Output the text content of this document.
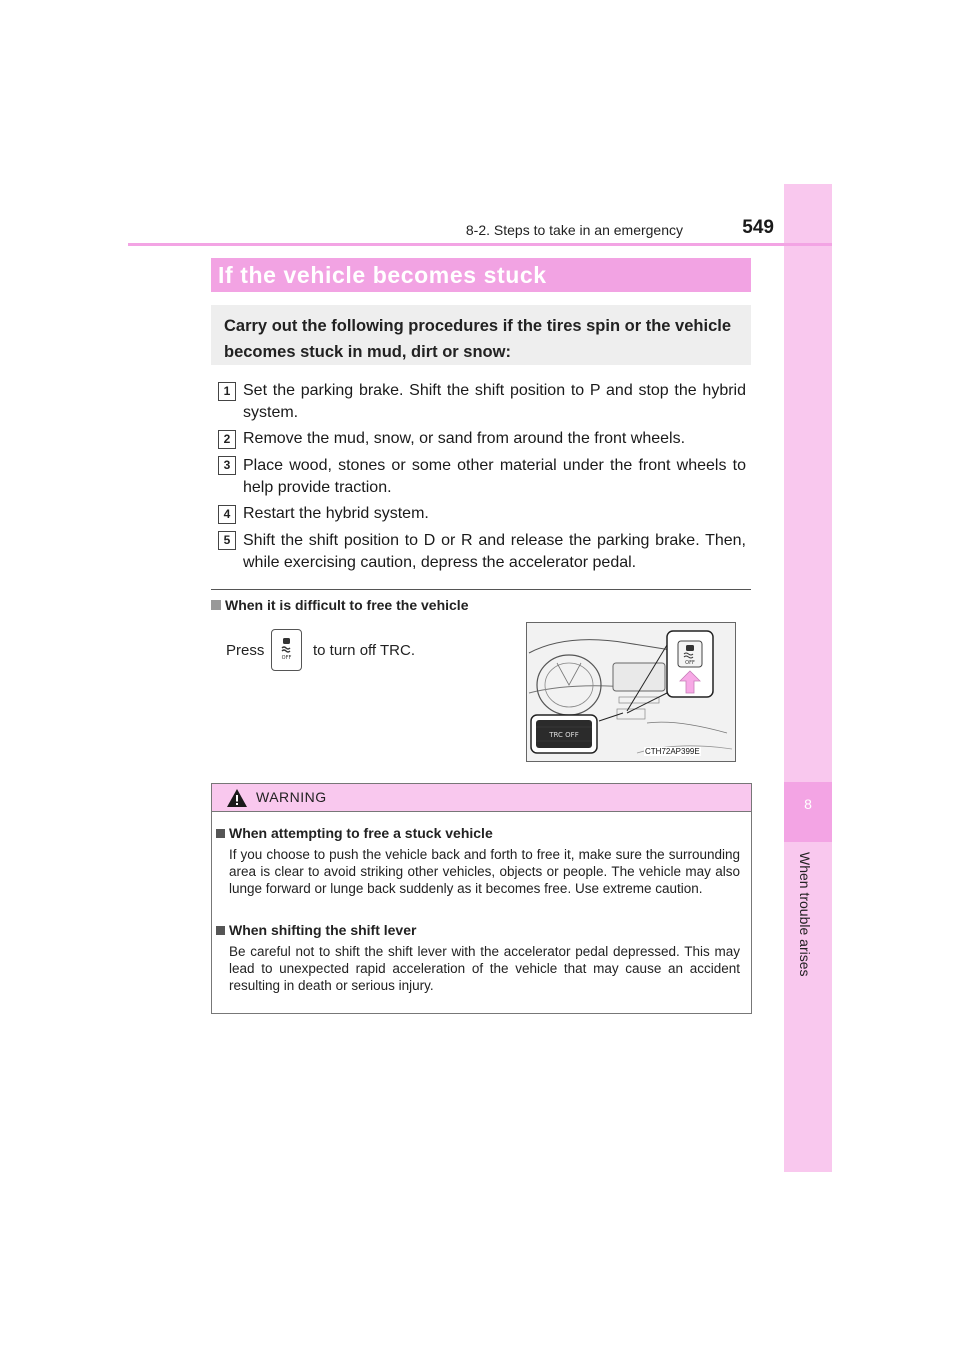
8
When trouble arises
8-2. Steps to take in an emergency	549
If the vehicle becomes stuck
Carry out the following procedures if the tires spin or the vehicle becomes stuck in mud, dirt or snow:
1 Set the parking brake. Shift the shift position to P and stop the hybrid system.
2 Remove the mud, snow, or sand from around the front wheels.
3 Place wood, stones or some other material under the front wheels to help provide traction.
4 Restart the hybrid system.
5 Shift the shift position to D or R and release the parking brake. Then, while exercising caution, depress the accelerator pedal.
When it is difficult to free the vehicle
Press	OFF to turn off TRC.
OFF
TRC OFF
CTH72AP399E
WARNING
When attempting to free a stuck vehicle
If you choose to push the vehicle back and forth to free it, make sure the surrounding area is clear to avoid striking other vehicles, objects or people. The vehicle may also lunge forward or lunge back suddenly as it becomes free. Use extreme caution.
When shifting the shift lever
Be careful not to shift the shift lever with the accelerator pedal depressed. This may lead to unexpected rapid acceleration of the vehicle that may cause an accident resulting in death or serious injury.
